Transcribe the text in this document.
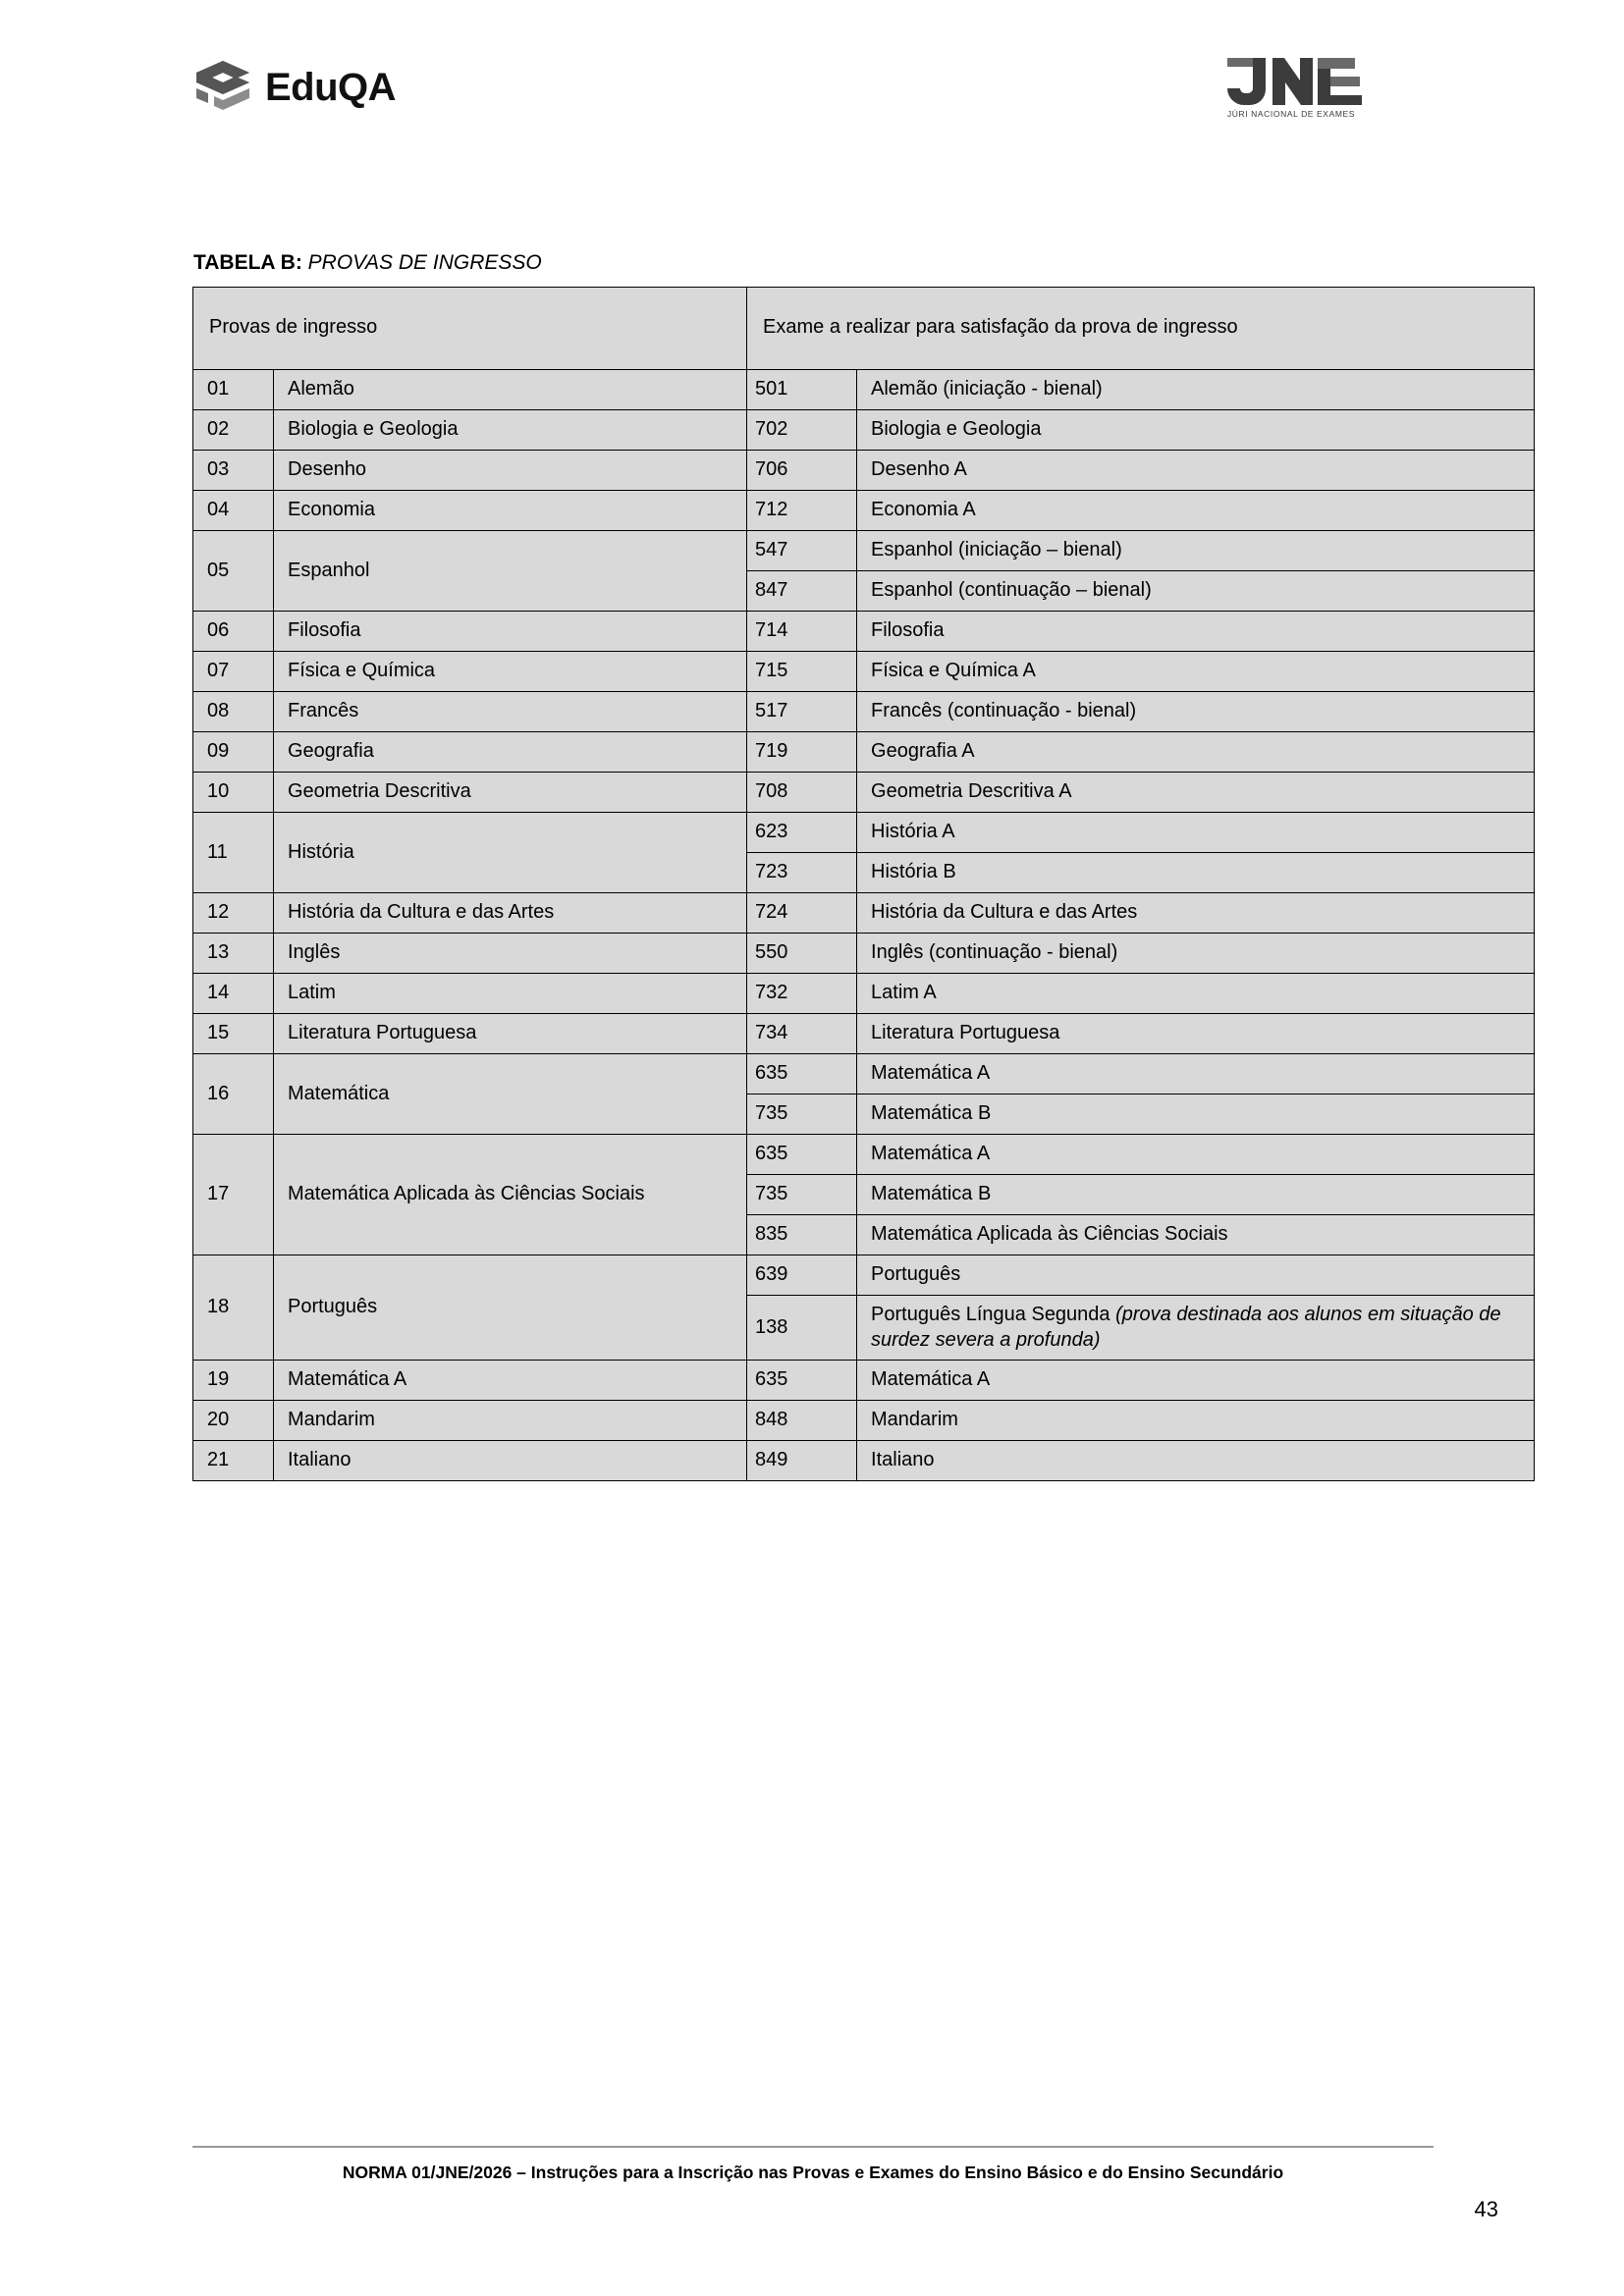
EduQA
JÚRI NACIONAL DE EXAMES
TABELA B: PROVAS DE INGRESSO
Provas de ingresso		Exame a realizar para satisfação da prova de ingresso	
01	Alemão	501	Alemão (iniciação - bienal)
02	Biologia e Geologia	702	Biologia e Geologia
03	Desenho	706	Desenho A
04	Economia	712	Economia A
05	Espanhol	547	Espanhol (iniciação – bienal)
		847	Espanhol (continuação – bienal)
06	Filosofia	714	Filosofia
07	Física e Química	715	Física e Química A
08	Francês	517	Francês (continuação - bienal)
09	Geografia	719	Geografia A
10	Geometria Descritiva	708	Geometria Descritiva A
11	História	623	História A
		723	História B
12	História da Cultura e das Artes	724	História da Cultura e das Artes
13	Inglês	550	Inglês (continuação - bienal)
14	Latim	732	Latim A
15	Literatura Portuguesa	734	Literatura Portuguesa
16	Matemática	635	Matemática A
		735	Matemática B
17	Matemática Aplicada às Ciências Sociais	635	Matemática A
		735	Matemática B
		835	Matemática Aplicada às Ciências Sociais
18	Português	639	Português
		138	Português Língua Segunda (prova destinada aos alunos em situação de surdez severa a profunda)
19	Matemática A	635	Matemática A
20	Mandarim	848	Mandarim
21	Italiano	849	Italiano
NORMA 01/JNE/2026 – Instruções para a Inscrição nas Provas e Exames do Ensino Básico e do Ensino Secundário
43
